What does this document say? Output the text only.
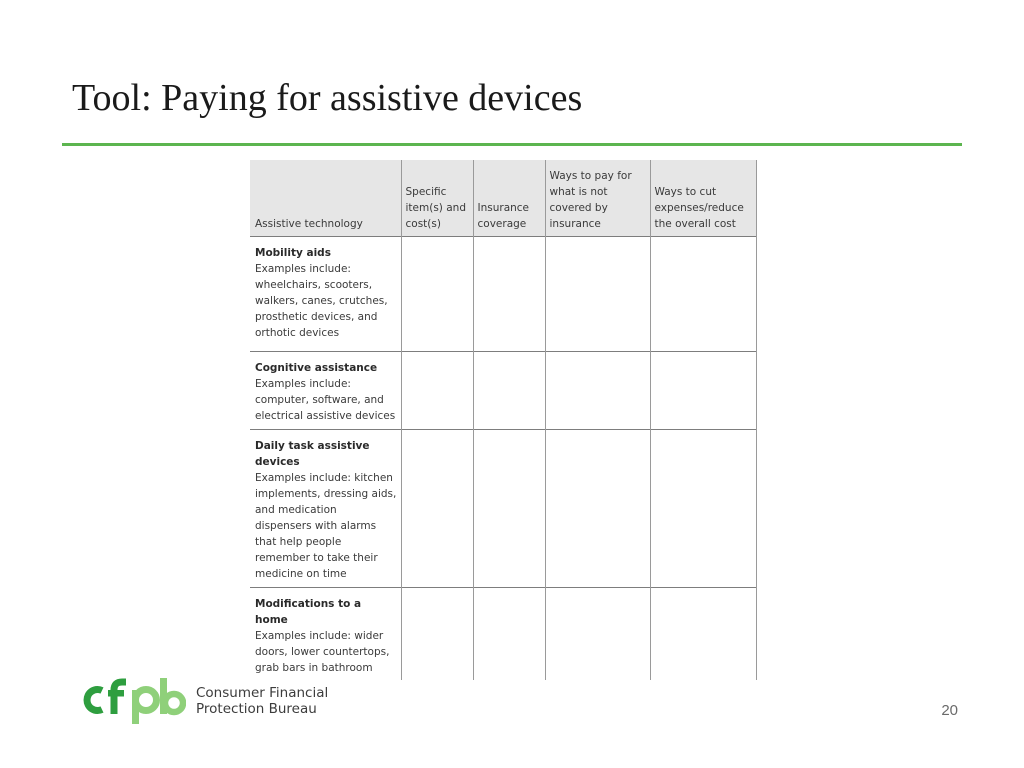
Tool: Paying for assistive devices
Assistive technology	Specific item(s) and cost(s)	Insurance coverage	Ways to pay for what is not covered by insurance	Ways to cut expenses/reduce the overall cost

Mobility aids
Examples include: wheelchairs, scooters, walkers, canes, crutches, prosthetic devices, and orthotic devices				

Cognitive assistance
Examples include: computer, software, and electrical assistive devices				

Daily task assistive devices
Examples include: kitchen implements, dressing aids, and medication dispensers with alarms that help people remember to take their medicine on time				

Modifications to a home
Examples include: wider doors, lower countertops, grab bars in bathroom				

Consumer Financial
Protection Bureau	20
